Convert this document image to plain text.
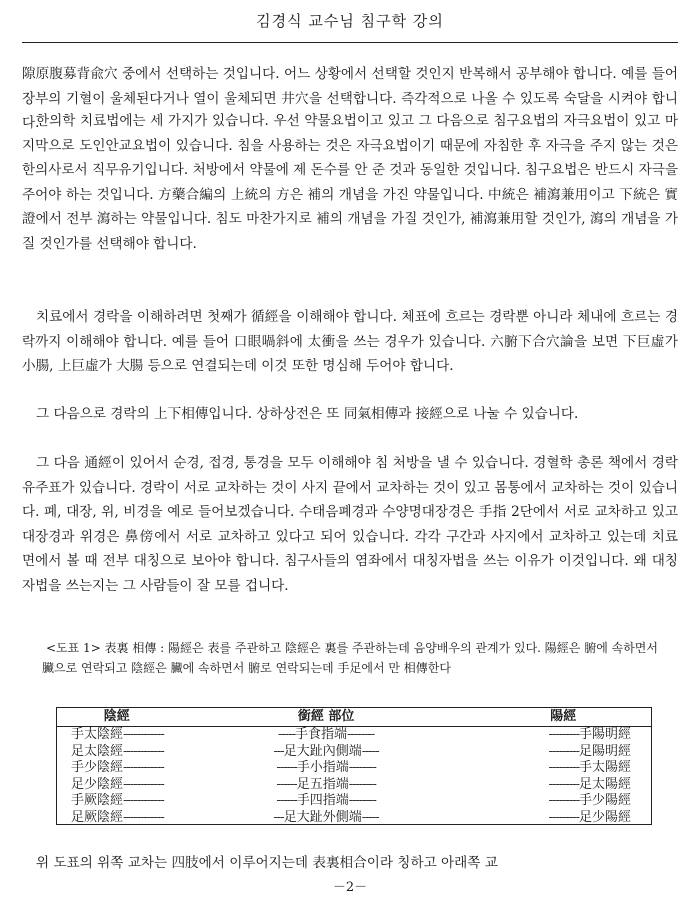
김경식 교수님 침구학 강의

隙原腹募背兪穴 중에서 선택하는 것입니다. 어느 상황에서 선택할 것인지 반복해서 공부해야 합니다. 예를 들어 장부의 기혈이 울체된다거나 열이 울체되면 井穴을 선택합니다. 즉각적으로 나올 수 있도록 숙달을 시켜야 합니다.

한의학 치료법에는 세 가지가 있습니다. 우선 약물요법이고 있고 그 다음으로 침구요법의 자극요법이 있고 마지막으로 도인안교요법이 있습니다. 침을 사용하는 것은 자극요법이기 때문에 자침한 후 자극을 주지 않는 것은 한의사로서 직무유기입니다. 처방에서 약물에 제 돈수를 안 준 것과 동일한 것입니다. 침구요법은 반드시 자극을 주어야 하는 것입니다. 方藥合編의 上統의 方은 補의 개념을 가진 약물입니다. 中統은 補瀉兼用이고 下統은 實證에서 전부 瀉하는 약물입니다. 침도 마찬가지로 補의 개념을 가질 것인가, 補瀉兼用할 것인가, 瀉의 개념을 가질 것인가를 선택해야 합니다.

치료에서 경락을 이해하려면 첫째가 循經을 이해해야 합니다. 체표에 흐르는 경락뿐 아니라 체내에 흐르는 경락까지 이해해야 합니다. 예를 들어 口眼喎斜에 太衝을 쓰는 경우가 있습니다. 六腑下合穴論을 보면 下巨虛가 小腸, 上巨虛가 大腸 등으로 연결되는데 이것 또한 명심해 두어야 합니다.

그 다음으로 경락의 上下相傳입니다. 상하상전은 또 同氣相傳과 接經으로 나눌 수 있습니다.

그 다음 通經이 있어서 순경, 접경, 통경을 모두 이해해야 침 처방을 낼 수 있습니다. 경혈학 총론 책에서 경락유주표가 있습니다. 경락이 서로 교차하는 것이 사지 끝에서 교차하는 것이 있고 몸통에서 교차하는 것이 있습니다. 폐, 대장, 위, 비경을 예로 들어보겠습니다. 수태음폐경과 수양명대장경은 手指 2단에서 서로 교차하고 있고 대장경과 위경은 鼻傍에서 서로 교차하고 있다고 되어 있습니다. 각각 구간과 사지에서 교차하고 있는데 치료 면에서 볼 때 전부 대칭으로 보아야 합니다. 침구사들의 염좌에서 대칭자법을 쓰는 이유가 이것입니다. 왜 대칭자법을 쓰는지는 그 사람들이 잘 모를 겁니다.

<도표 1> 表裏 相傳 : 陽經은 表를 주관하고 陰經은 裏를 주관하는데 음양배우의 관계가 있다. 陽經은 腑에 속하면서 臟으로 연락되고 陰經은 臟에 속하면서 腑로 연락되는데 手足에서 만 相傳한다

陰經	銜經 部位	陽經
手太陰經------------	-----手食指端--------	---------手陽明經
足太陰經------------	---足大趾內側端-----	---------足陽明經
手少陰經------------	------手小指端--------	---------手太陽經
足少陰經------------	------足五指端--------	---------足太陽經
手厥陰經------------	------手四指端--------	---------手少陽經
足厥陰經------------	---足大趾外側端-----	---------足少陽經

위 도표의 위쪽 교차는 四肢에서 이루어지는데 表裏相合이라 칭하고 아래쪽 교

－2－
